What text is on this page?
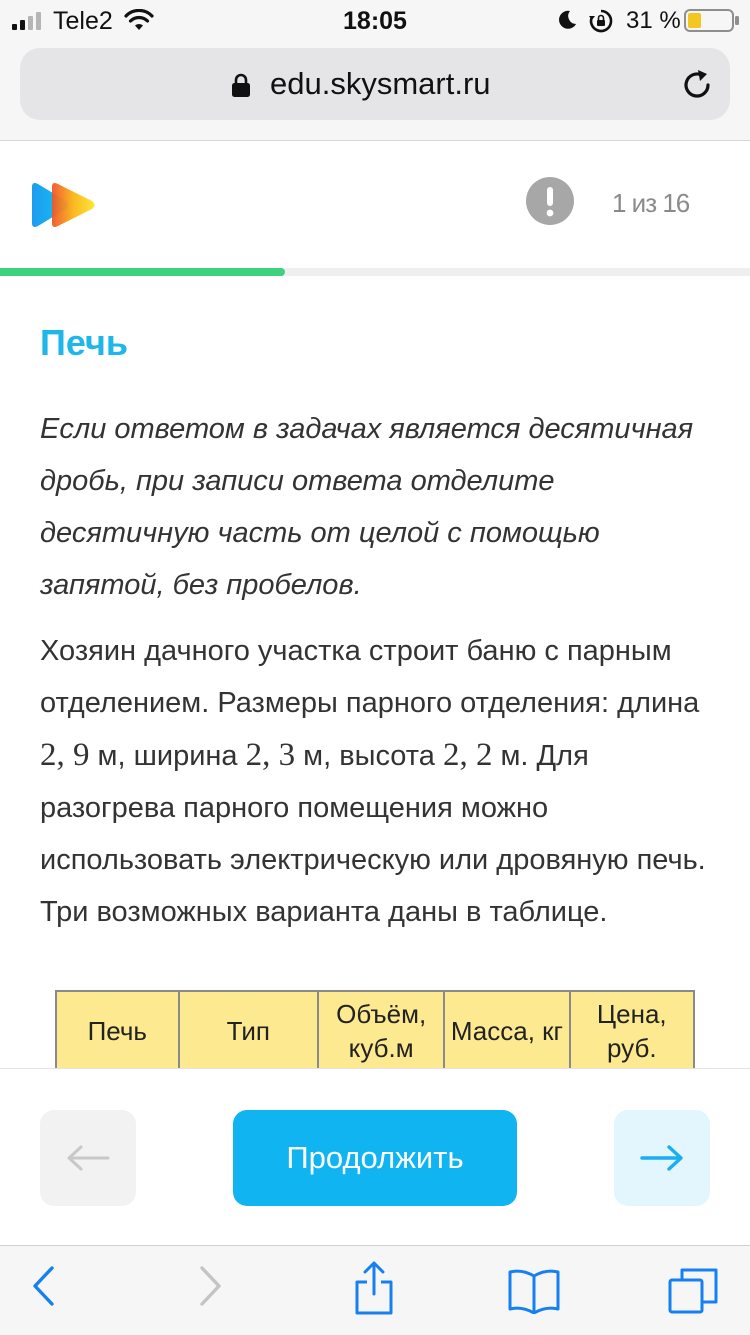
Tele2	18:05	31 %
edu.skysmart.ru
1 из 16
Печь
Если ответом в задачах является десятичная дробь, при записи ответа отделите десятичную часть от целой с помощью запятой, без пробелов.
Хозяин дачного участка строит баню с парным отделением. Размеры парного отделения: длина 2, 9 м, ширина 2, 3 м, высота 2, 2 м. Для разогрева парного помещения можно использовать электрическую или дровяную печь. Три возможных варианта даны в таблице.
Печь	Тип	Объём, куб.м	Масса, кг	Цена, руб.
Продолжить
